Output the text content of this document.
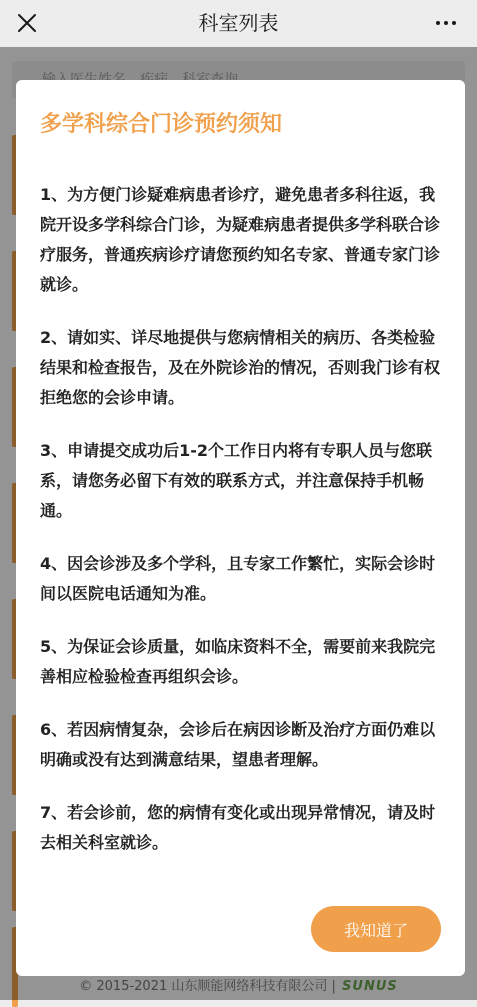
科室列表
© 2015-2021 山东顺能网络科技有限公司 | SUNUS
多学科综合门诊预约须知
1、为方便门诊疑难病患者诊疗，避免患者多科往返，我院开设多学科综合门诊，为疑难病患者提供多学科联合诊疗服务，普通疾病诊疗请您预约知名专家、普通专家门诊就诊。
2、请如实、详尽地提供与您病情相关的病历、各类检验结果和检查报告，及在外院诊治的情况，否则我门诊有权拒绝您的会诊申请。
3、申请提交成功后1-2个工作日内将有专职人员与您联系，请您务必留下有效的联系方式，并注意保持手机畅通。
4、因会诊涉及多个学科，且专家工作繁忙，实际会诊时间以医院电话通知为准。
5、为保证会诊质量，如临床资料不全，需要前来我院完善相应检验检查再组织会诊。
6、若因病情复杂，会诊后在病因诊断及治疗方面仍难以明确或没有达到满意结果，望患者理解。
7、若会诊前，您的病情有变化或出现异常情况，请及时去相关科室就诊。
我知道了
